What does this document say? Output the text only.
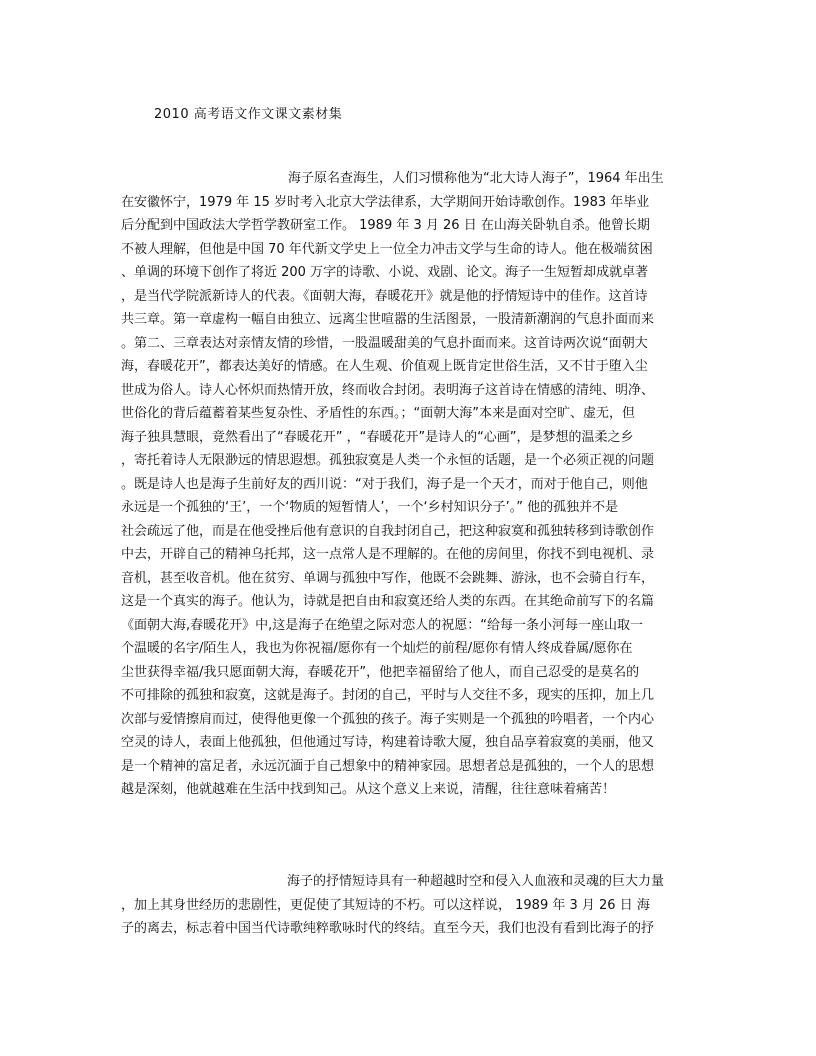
2010 高考语文作文课文素材集
海子原名查海生，人们习惯称他为“北大诗人海子”，1964 年出生
在安徽怀宁，1979 年 15 岁时考入北京大学法律系，大学期间开始诗歌创作。1983 年毕业
后分配到中国政法大学哲学教研室工作。 1989 年 3 月 26 日 在山海关卧轨自杀。他曾长期
不被人理解，但他是中国 70 年代新文学史上一位全力冲击文学与生命的诗人。他在极端贫困
、单调的环境下创作了将近 200 万字的诗歌、小说、戏剧、论文。海子一生短暂却成就卓著
，是当代学院派新诗人的代表。《面朝大海，春暖花开》就是他的抒情短诗中的佳作。这首诗
共三章。第一章虚构一幅自由独立、远离尘世喧嚣的生活图景，一股清新潮润的气息扑面而来
。第二、三章表达对亲情友情的珍惜，一股温暖甜美的气息扑面而来。这首诗两次说“面朝大
海，春暖花开”，都表达美好的情感。在人生观、价值观上既肯定世俗生活，又不甘于堕入尘
世成为俗人。诗人心怀炽而热情开放，终而收合封闭。表明海子这首诗在情感的清纯、明净、
世俗化的背后蕴蓄着某些复杂性、矛盾性的东西。；“面朝大海”本来是面对空旷、虚无，但
海子独具慧眼，竟然看出了“春暖花开” ，“春暖花开”是诗人的“心画”，是梦想的温柔之乡
，寄托着诗人无限渺远的情思遐想。孤独寂寞是人类一个永恒的话题，是一个必须正视的问题
。既是诗人也是海子生前好友的西川说：“对于我们，海子是一个天才，而对于他自己，则他
永远是一个孤独的‘王’，一个‘物质的短暂情人’，一个‘乡村知识分子’。” 他的孤独并不是
社会疏远了他，而是在他受挫后他有意识的自我封闭自己，把这种寂寞和孤独转移到诗歌创作
中去，开辟自己的精神乌托邦，这一点常人是不理解的。在他的房间里，你找不到电视机、录
音机，甚至收音机。他在贫穷、单调与孤独中写作，他既不会跳舞、游泳，也不会骑自行车，
这是一个真实的海子。他认为，诗就是把自由和寂寞还给人类的东西。在其绝命前写下的名篇
《面朝大海,春暖花开》中,这是海子在绝望之际对恋人的祝愿：“给每一条小河每一座山取一
个温暖的名字/陌生人，我也为你祝福/愿你有一个灿烂的前程/愿你有情人终成眷属/愿你在
尘世获得幸福/我只愿面朝大海，春暖花开”，他把幸福留给了他人，而自己忍受的是莫名的
不可排除的孤独和寂寞，这就是海子。封闭的自己，平时与人交往不多，现实的压抑，加上几
次部与爱情擦肩而过，使得他更像一个孤独的孩子。海子实则是一个孤独的吟唱者，一个内心
空灵的诗人，表面上他孤独，但他通过写诗，构建着诗歌大厦，独自品享着寂寞的美丽，他又
是一个精神的富足者，永远沉湎于自己想象中的精神家园。思想者总是孤独的，一个人的思想
越是深刻，他就越难在生活中找到知己。从这个意义上来说，清醒，往往意味着痛苦！
海子的抒情短诗具有一种超越时空和侵入人血液和灵魂的巨大力量
，加上其身世经历的悲剧性，更促使了其短诗的不朽。可以这样说， 1989 年 3 月 26 日 海
子的离去，标志着中国当代诗歌纯粹歌咏时代的终结。直至今天，我们也没有看到比海子的抒
